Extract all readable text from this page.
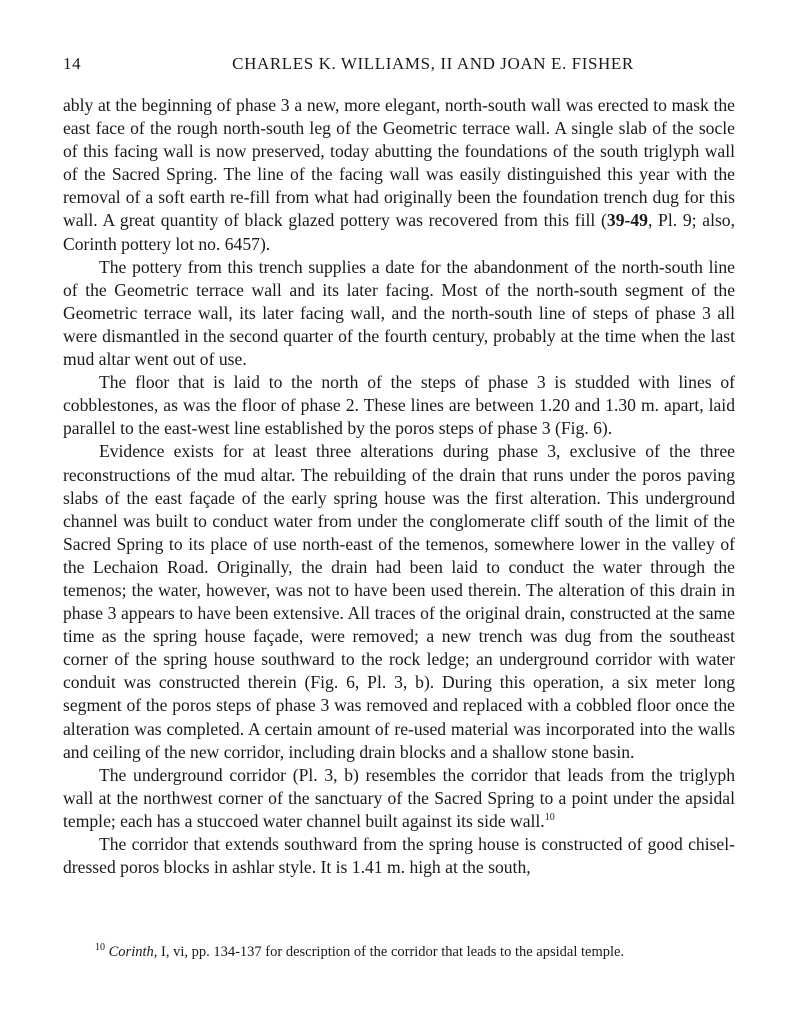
14	CHARLES K. WILLIAMS, II AND JOAN E. FISHER

ably at the beginning of phase 3 a new, more elegant, north-south wall was erected to mask the east face of the rough north-south leg of the Geometric terrace wall. A single slab of the socle of this facing wall is now preserved, today abutting the foundations of the south triglyph wall of the Sacred Spring. The line of the facing wall was easily distinguished this year with the removal of a soft earth re-fill from what had originally been the foundation trench dug for this wall. A great quantity of black glazed pottery was recovered from this fill (39-49, Pl. 9; also, Corinth pottery lot no. 6457).

The pottery from this trench supplies a date for the abandonment of the north-south line of the Geometric terrace wall and its later facing. Most of the north-south segment of the Geometric terrace wall, its later facing wall, and the north-south line of steps of phase 3 all were dismantled in the second quarter of the fourth century, probably at the time when the last mud altar went out of use.

The floor that is laid to the north of the steps of phase 3 is studded with lines of cobblestones, as was the floor of phase 2. These lines are between 1.20 and 1.30 m. apart, laid parallel to the east-west line established by the poros steps of phase 3 (Fig. 6).

Evidence exists for at least three alterations during phase 3, exclusive of the three reconstructions of the mud altar. The rebuilding of the drain that runs under the poros paving slabs of the east façade of the early spring house was the first alteration. This underground channel was built to conduct water from under the conglomerate cliff south of the limit of the Sacred Spring to its place of use north-east of the temenos, somewhere lower in the valley of the Lechaion Road. Originally, the drain had been laid to conduct the water through the temenos; the water, however, was not to have been used therein. The alteration of this drain in phase 3 appears to have been extensive. All traces of the original drain, constructed at the same time as the spring house façade, were removed; a new trench was dug from the southeast corner of the spring house southward to the rock ledge; an underground corridor with water conduit was constructed therein (Fig. 6, Pl. 3, b). During this operation, a six meter long segment of the poros steps of phase 3 was removed and replaced with a cobbled floor once the alteration was completed. A certain amount of re-used material was incorporated into the walls and ceiling of the new corridor, including drain blocks and a shallow stone basin.

The underground corridor (Pl. 3, b) resembles the corridor that leads from the triglyph wall at the northwest corner of the sanctuary of the Sacred Spring to a point under the apsidal temple; each has a stuccoed water channel built against its side wall.$^{10}$

The corridor that extends southward from the spring house is constructed of good chisel-dressed poros blocks in ashlar style. It is 1.41 m. high at the south,

$^{10}$ Corinth, I, vi, pp. 134-137 for description of the corridor that leads to the apsidal temple.
